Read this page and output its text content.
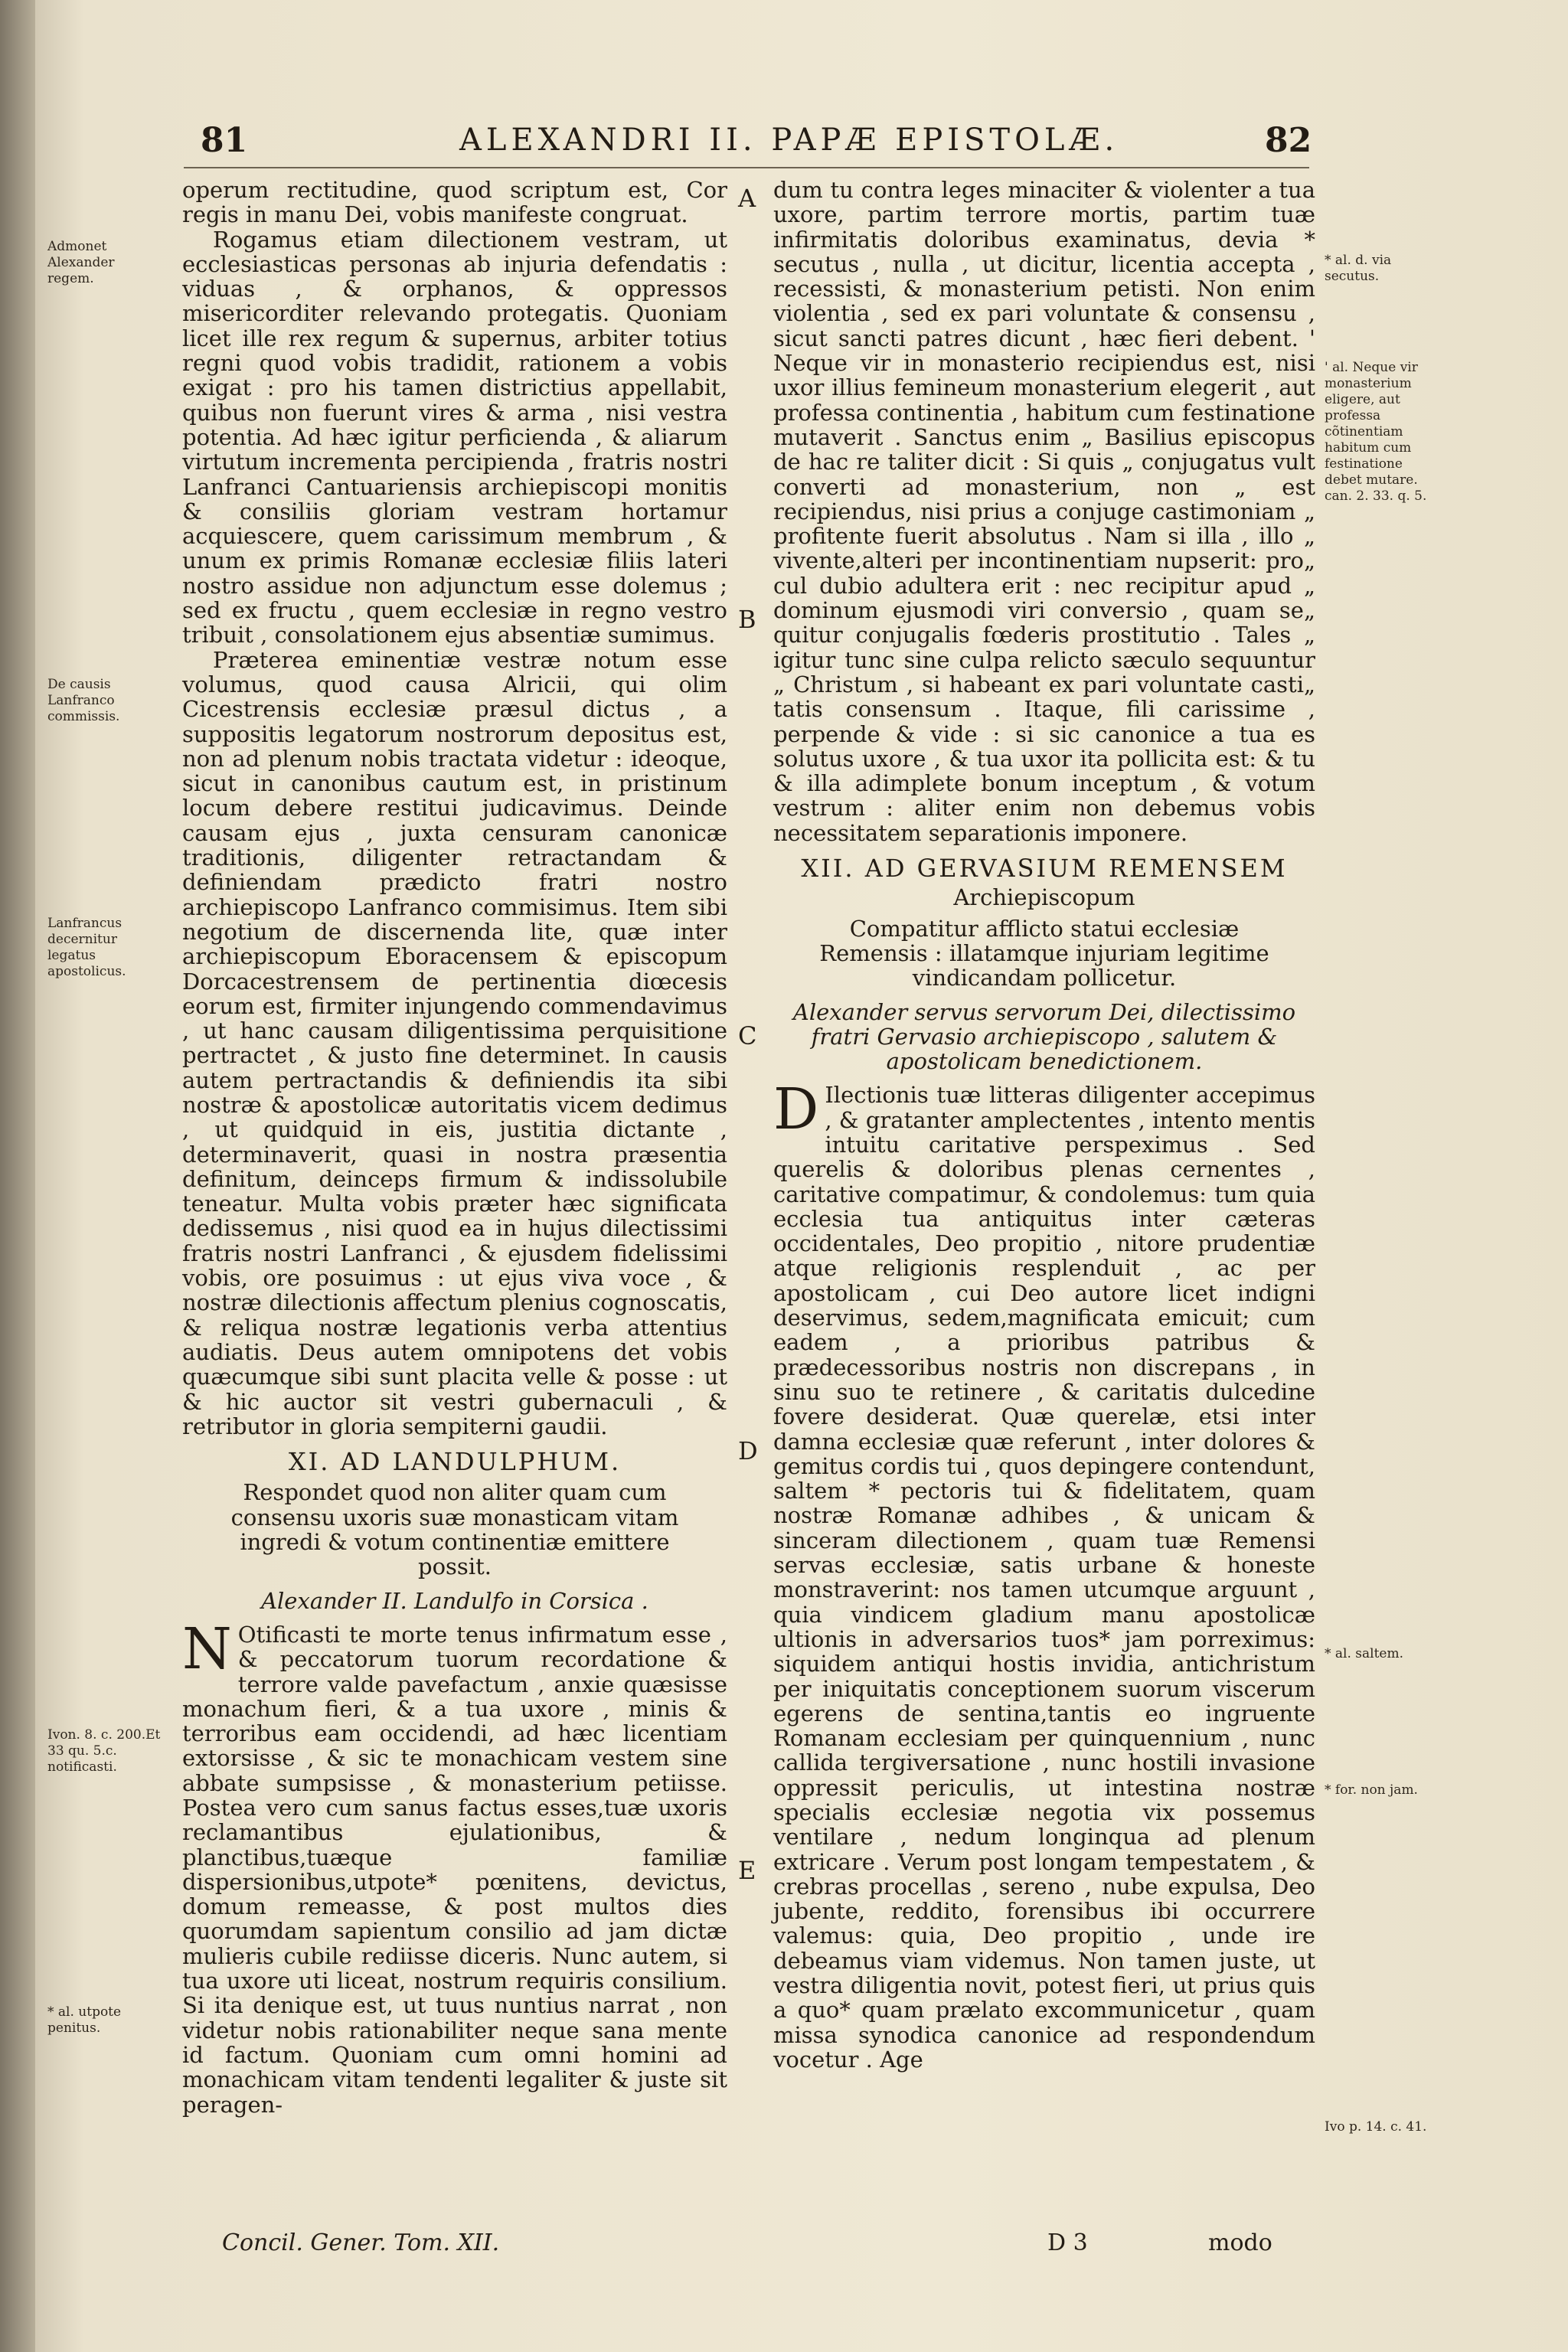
81	ALEXANDRI II. PAPÆ EPISTOLÆ.	82
Admonet Alexander regem.
De causis Lanfranco commissis.
Lanfrancus decernitur legatus apostolicus.
Ivon. 8. c. 200.Et 33 qu. 5.c. notificasti.
* al. utpote penitus.

operum rectitudine, quod scriptum est, Cor regis in manu Dei, vobis manifeste congruat.

Rogamus etiam dilectionem vestram, ut ecclesiasticas personas ab injuria defendatis : viduas , & orphanos, & oppressos misericorditer relevando protegatis. Quoniam licet ille rex regum & supernus, arbiter totius regni quod vobis tradidit, rationem a vobis exigat : pro his tamen districtius appellabit, quibus non fuerunt vires & arma , nisi vestra potentia. Ad hæc igitur perficienda , & aliarum virtutum incrementa percipienda , fratris nostri Lanfranci Cantuariensis archiepiscopi monitis & consiliis gloriam vestram hortamur acquiescere, quem carissimum membrum , & unum ex primis Romanæ ecclesiæ filiis lateri nostro assidue non adjunctum esse dolemus ; sed ex fructu , quem ecclesiæ in regno vestro tribuit , consolationem ejus absentiæ sumimus.

Præterea eminentiæ vestræ notum esse volumus, quod causa Alricii, qui olim Cicestrensis ecclesiæ præsul dictus , a suppositis legatorum nostrorum depositus est, non ad plenum nobis tractata videtur : ideoque, sicut in canonibus cautum est, in pristinum locum debere restitui judicavimus. Deinde causam ejus , juxta censuram canonicæ traditionis, diligenter retractandam & definiendam prædicto fratri nostro archiepiscopo Lanfranco commisimus. Item sibi negotium de discernenda lite, quæ inter archiepiscopum Eboracensem & episcopum Dorcacestrensem de pertinentia diœcesis eorum est, firmiter injungendo commendavimus , ut hanc causam diligentissima perquisitione pertractet , & justo fine determinet. In causis autem pertractandis & definiendis ita sibi nostræ & apostolicæ autoritatis vicem dedimus , ut quidquid in eis, justitia dictante , determinaverit, quasi in nostra præsentia definitum, deinceps firmum & indissolubile teneatur. Multa vobis præter hæc significata dedissemus , nisi quod ea in hujus dilectissimi fratris nostri Lanfranci , & ejusdem fidelissimi vobis, ore posuimus : ut ejus viva voce , & nostræ dilectionis affectum plenius cognoscatis, & reliqua nostræ legationis verba attentius audiatis. Deus autem omnipotens det vobis quæcumque sibi sunt placita velle & posse : ut & hic auctor sit vestri gubernaculi , & retributor in gloria sempiterni gaudii.

XI. AD LANDULPHUM.
Respondet quod non aliter quam cum consensu uxoris suæ monasticam vitam ingredi & votum continentiæ emittere possit.
Alexander II. Landulfo in Corsica .

N Otificasti te morte tenus infirmatum esse , & peccatorum tuorum recordatione & terrore valde pavefactum , anxie quæsisse monachum fieri, & a tua uxore , minis & terroribus eam occidendi, ad hæc licentiam extorsisse , & sic te monachicam vestem sine abbate sumpsisse , & monasterium petiisse. Postea vero cum sanus factus esses,tuæ uxoris reclamantibus ejulationibus, & planctibus,tuæque familiæ dispersionibus,utpote* pœnitens, devictus, domum remeasse, & post multos dies quorumdam sapientum consilio ad jam dictæ mulieris cubile rediisse diceris. Nunc autem, si tua uxore uti liceat, nostrum requiris consilium. Si ita denique est, ut tuus nuntius narrat , non videtur nobis rationabiliter neque sana mente id factum. Quoniam cum omni homini ad monachicam vitam tendenti legaliter & juste sit peragen-

A
B
C
D
E

dum tu contra leges minaciter & violenter a tua uxore, partim terrore mortis, partim tuæ infirmitatis doloribus examinatus, devia * secutus , nulla , ut dicitur, licentia accepta , recessisti, & monasterium petisti. Non enim violentia , sed ex pari voluntate & consensu , sicut sancti patres dicunt , hæc fieri debent. ' Neque vir in monasterio recipiendus est, nisi uxor illius femineum monasterium elegerit , aut professa continentia , habitum cum festinatione mutaverit . Sanctus enim „ Basilius episcopus de hac re taliter dicit : Si quis „ conjugatus vult converti ad monasterium, non „ est recipiendus, nisi prius a conjuge castimoniam „ profitente fuerit absolutus . Nam si illa , illo „ vivente,alteri per incontinentiam nupserit: pro„ cul dubio adultera erit : nec recipitur apud „ dominum ejusmodi viri conversio , quam se„ quitur conjugalis fœderis prostitutio . Tales „ igitur tunc sine culpa relicto sæculo sequuntur „ Christum , si habeant ex pari voluntate casti„ tatis consensum . Itaque, fili carissime , perpende & vide : si sic canonice a tua es solutus uxore , & tua uxor ita pollicita est: & tu & illa adimplete bonum inceptum , & votum vestrum : aliter enim non debemus vobis necessitatem separationis imponere.

XII. AD GERVASIUM REMENSEM
Archiepiscopum
Compatitur afflicto statui ecclesiæ Remensis : illatamque injuriam legitime vindicandam pollicetur.
Alexander servus servorum Dei, dilectissimo fratri Gervasio archiepiscopo , salutem & apostolicam benedictionem.

D Ilectionis tuæ litteras diligenter accepimus , & gratanter amplectentes , intento mentis intuitu caritative perspeximus . Sed querelis & doloribus plenas cernentes , caritative compatimur, & condolemus: tum quia ecclesia tua antiquitus inter cæteras occidentales, Deo propitio , nitore prudentiæ atque religionis resplenduit , ac per apostolicam , cui Deo autore licet indigni deservimus, sedem,magnificata emicuit; cum eadem , a prioribus patribus & prædecessoribus nostris non discrepans , in sinu suo te retinere , & caritatis dulcedine fovere desiderat. Quæ querelæ, etsi inter damna ecclesiæ quæ referunt , inter dolores & gemitus cordis tui , quos depingere contendunt, saltem * pectoris tui & fidelitatem, quam nostræ Romanæ adhibes , & unicam & sinceram dilectionem , quam tuæ Remensi servas ecclesiæ, satis urbane & honeste monstraverint: nos tamen utcumque arguunt , quia vindicem gladium manu apostolicæ ultionis in adversarios tuos* jam porreximus: siquidem antiqui hostis invidia, antichristum per iniquitatis conceptionem suorum viscerum egerens de sentina,tantis eo ingruente Romanam ecclesiam per quinquennium , nunc callida tergiversatione , nunc hostili invasione oppressit periculis, ut intestina nostræ specialis ecclesiæ negotia vix possemus ventilare , nedum longinqua ad plenum extricare . Verum post longam tempestatem , & crebras procellas , sereno , nube expulsa, Deo jubente, reddito, forensibus ibi occurrere valemus: quia, Deo propitio , unde ire debeamus viam videmus. Non tamen juste, ut vestra diligentia novit, potest fieri, ut prius quis a quo* quam prælato excommunicetur , quam missa synodica canonice ad respondendum vocetur . Age

* al. d. via secutus.
' al. Neque vir monasterium eligere, aut professa cõtinentiam habitum cum festinatione debet mutare. can. 2. 33. q. 5.
* al. saltem.
* for. non jam.
Ivo p. 14. c. 41.
Concil. Gener. Tom. XII.	D 3	modo
